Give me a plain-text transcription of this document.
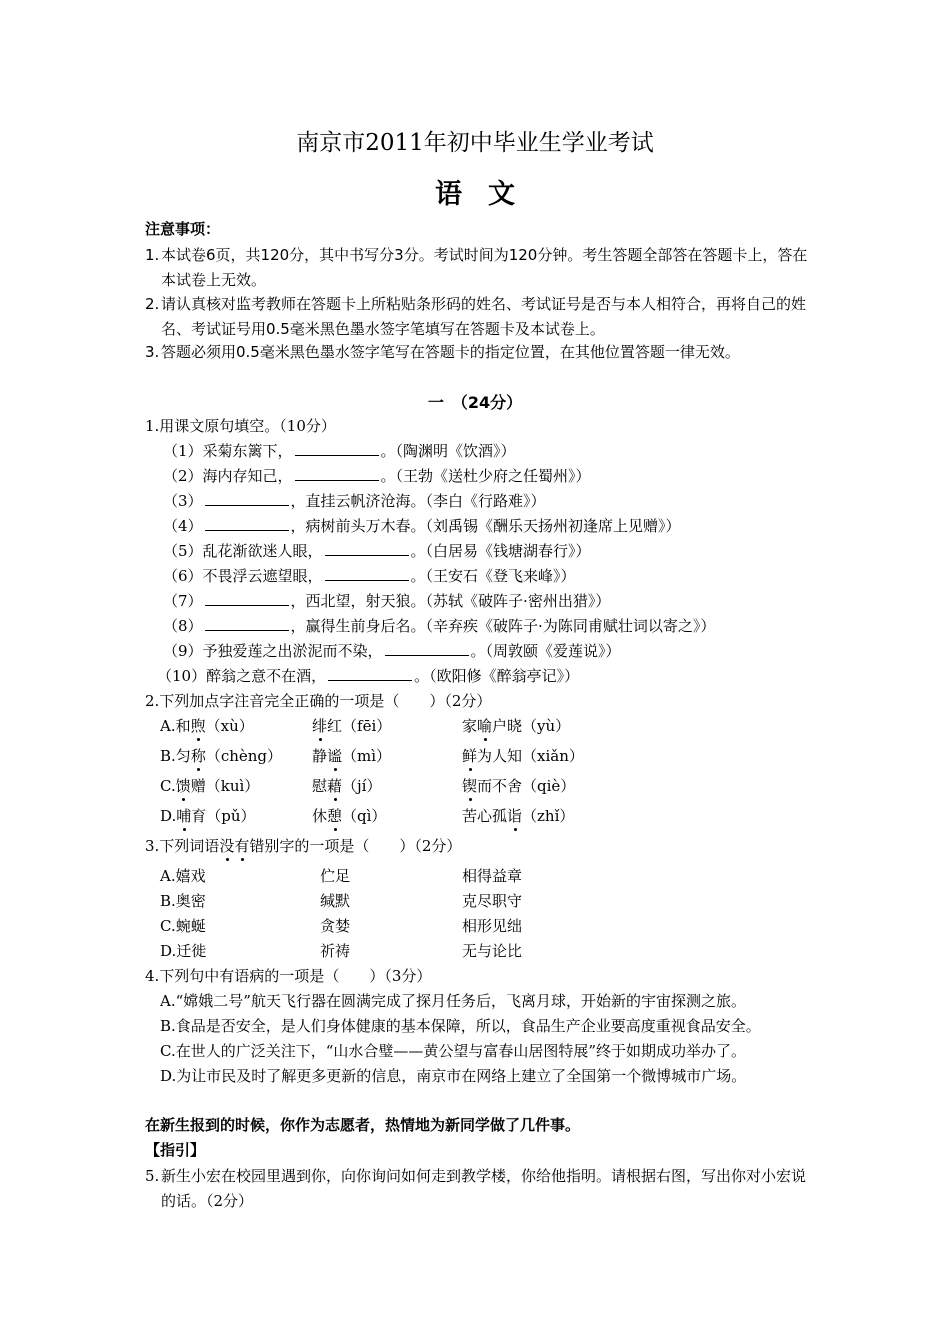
南京市2011年初中毕业生学业考试
语文
注意事项：
1. 本试卷6页，共120分，其中书写分3分。考试时间为120分钟。考生答题全部答在答题卡上，答在本试卷上无效。
2. 请认真核对监考教师在答题卡上所粘贴条形码的姓名、考试证号是否与本人相符合，再将自己的姓名、考试证号用0.5毫米黑色墨水签字笔填写在答题卡及本试卷上。
3. 答题必须用0.5毫米黑色墨水签字笔写在答题卡的指定位置，在其他位置答题一律无效。
一　（24分）
1.用课文原句填空。（10分）
（1）采菊东篱下，	。（陶渊明《饮酒》）
（2）海内存知己，	。（王勃《送杜少府之任蜀州》）
（3）	，直挂云帆济沧海。（李白《行路难》）
（4）	，病树前头万木春。（刘禹锡《酬乐天扬州初逢席上见赠》）
（5）乱花渐欲迷人眼，	。（白居易《钱塘湖春行》）
（6）不畏浮云遮望眼，	。（王安石《登飞来峰》）
（7）	，西北望，射天狼。（苏轼《破阵子·密州出猎》）
（8）	，赢得生前身后名。（辛弃疾《破阵子·为陈同甫赋壮词以寄之》）
（9）予独爱莲之出淤泥而不染，	。（周敦颐《爱莲说》）
（10）醉翁之意不在酒，	。（欧阳修《醉翁亭记》）
2.下列加点字注音完全正确的一项是（　　）（2分）
A.和煦（xù）	绯红（fēi）	家喻户晓（yù）
B.匀称（chèng） 静谧（mì）	鲜为人知（xiǎn）
C.馈赠（kuì）	慰藉（jí）	锲而不舍（qiè）
D.哺育（pǔ）	休憩（qì）	苦心孤诣（zhǐ）
3.下列词语没有错别字的一项是（　　）（2分）
A.嬉戏	伫足	相得益章
B.奥密	缄默	克尽职守
C.蜿蜒	贪婪	相形见绌
D.迁徙	祈祷	无与论比
4.下列句中有语病的一项是（　　）（3分）
A.“嫦娥二号”航天飞行器在圆满完成了探月任务后，飞离月球，开始新的宇宙探测之旅。
B.食品是否安全，是人们身体健康的基本保障，所以，食品生产企业要高度重视食品安全。
C.在世人的广泛关注下，“山水合璧——黄公望与富春山居图特展”终于如期成功举办了。
D.为让市民及时了解更多更新的信息，南京市在网络上建立了全国第一个微博城市广场。
在新生报到的时候，你作为志愿者，热情地为新同学做了几件事。
【指引】
5. 新生小宏在校园里遇到你，向你询问如何走到教学楼，你给他指明。请根据右图，写出你对小宏说的话。（2分）
